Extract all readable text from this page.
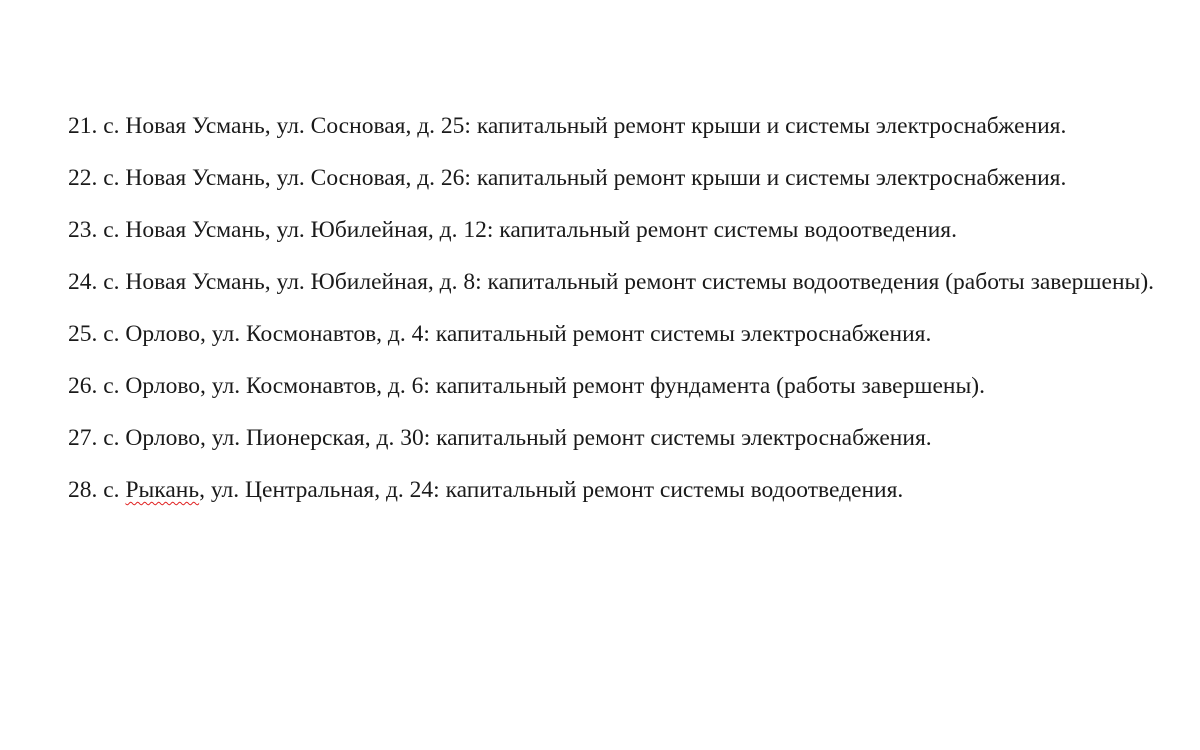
21. с. Новая Усмань, ул. Сосновая, д. 25: капитальный ремонт крыши и системы электроснабжения.
22. с. Новая Усмань, ул. Сосновая, д. 26: капитальный ремонт крыши и системы электроснабжения.
23. с. Новая Усмань, ул. Юбилейная, д. 12: капитальный ремонт системы водоотведения.
24. с. Новая Усмань, ул. Юбилейная, д. 8: капитальный ремонт системы водоотведения (работы завершены).
25. с. Орлово, ул. Космонавтов, д. 4: капитальный ремонт системы электроснабжения.
26. с. Орлово, ул. Космонавтов, д. 6: капитальный ремонт фундамента (работы завершены).
27. с. Орлово, ул. Пионерская, д. 30: капитальный ремонт системы электроснабжения.
28. с. Рыкань, ул. Центральная, д. 24: капитальный ремонт системы водоотведения.
